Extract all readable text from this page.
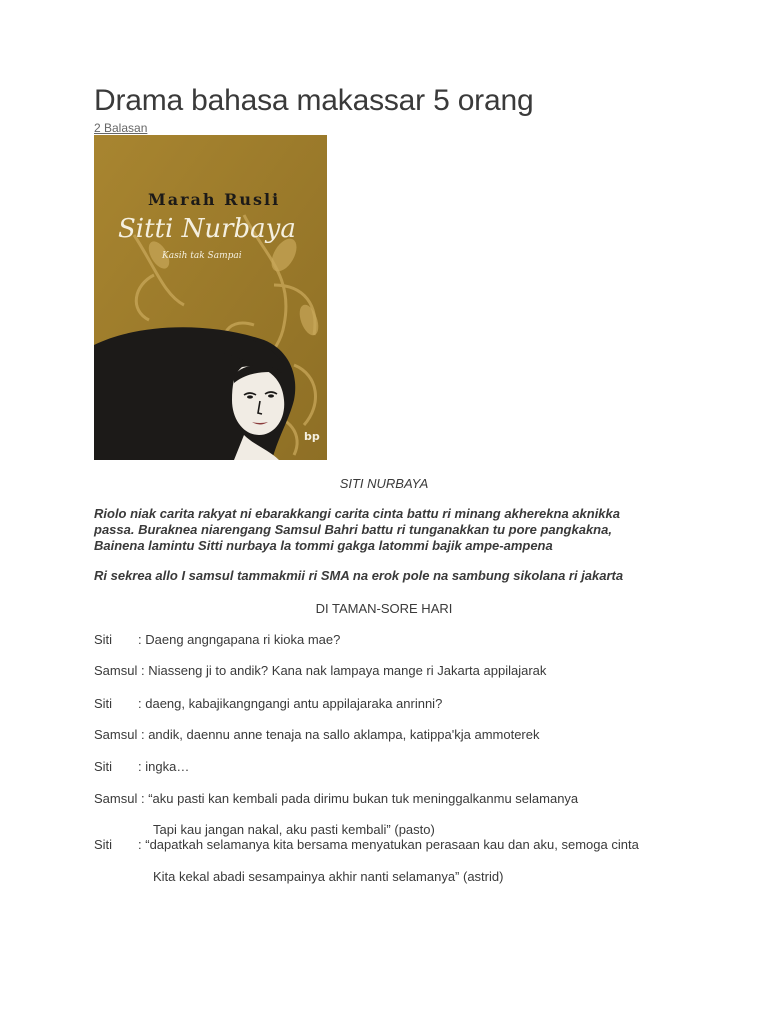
Drama bahasa makassar 5 orang
2 Balasan
Marah Rusli
Sitti Nurbaya
Kasih tak Sampai
bp

SITI NURBAYA

Riolo niak carita rakyat ni ebarakkangi carita cinta battu ri minang akherekna aknikka passa. Buraknea niarengang Samsul Bahri battu ri tunganakkan tu pore pangkakna, Bainena lamintu Sitti nurbaya la tommi gakga latommi bajik ampe-ampena

Ri sekrea allo I samsul tammakmii ri SMA na erok pole na sambung sikolana ri jakarta

DI TAMAN-SORE HARI

Siti : Daeng angngapana ri kioka mae?

Samsul : Niasseng ji to andik? Kana nak lampaya mange ri Jakarta appilajarak

Siti : daeng, kabajikangngangi antu appilajaraka anrinni?

Samsul : andik, daennu anne tenaja na sallo aklampa, katippa'kja ammoterek

Siti : ingka…

Samsul : “aku pasti kan kembali pada dirimu bukan tuk meninggalkanmu selamanya

Tapi kau jangan nakal, aku pasti kembali” (pasto)

Siti : “dapatkah selamanya kita bersama menyatukan perasaan kau dan aku, semoga cinta

Kita kekal abadi sesampainya akhir nanti selamanya” (astrid)
